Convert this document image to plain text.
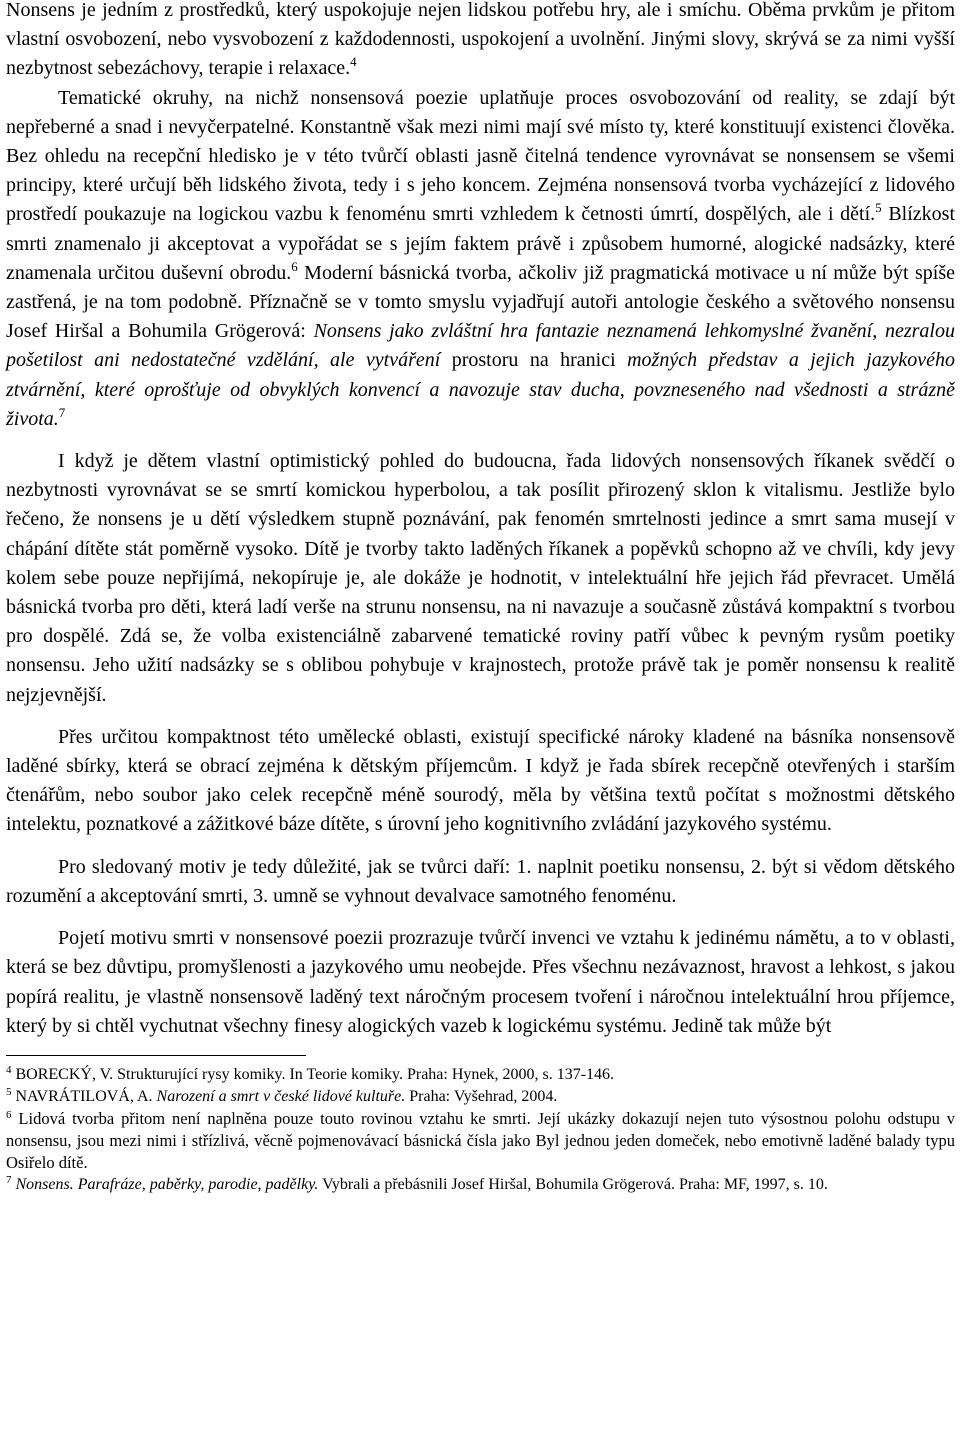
Nonsens je jedním z prostředků, který uspokojuje nejen lidskou potřebu hry, ale i smíchu. Oběma prvkům je přitom vlastní osvobození, nebo vysvobození z každodennosti, uspokojení a uvolnění. Jinými slovy, skrývá se za nimi vyšší nezbytnost sebezáchovy, terapie i relaxace.$^4$

Tematické okruhy, na nichž nonsensová poezie uplatňuje proces osvobozování od reality, se zdají být nepřeberné a snad i nevyčerpatelné. Konstantně však mezi nimi mají své místo ty, které konstituují existenci člověka. Bez ohledu na recepční hledisko je v této tvůrčí oblasti jasně čitelná tendence vyrovnávat se nonsensem se všemi principy, které určují běh lidského života, tedy i s jeho koncem. Zejména nonsensová tvorba vycházející z lidového prostředí poukazuje na logickou vazbu k fenoménu smrti vzhledem k četnosti úmrtí, dospělých, ale i dětí.$^5$ Blízkost smrti znamenalo ji akceptovat a vypořádat se s jejím faktem právě i způsobem humorné, alogické nadsázky, které znamenala určitou duševní obrodu.$^6$ Moderní básnická tvorba, ačkoliv již pragmatická motivace u ní může být spíše zastřená, je na tom podobně. Příznačně se v tomto smyslu vyjadřují autoři antologie českého a světového nonsensu Josef Hiršal a Bohumila Grögerová: Nonsens jako zvláštní hra fantazie neznamená lehkomyslné žvanění, nezralou pošetilost ani nedostatečné vzdělání, ale vytváření prostoru na hranici možných představ a jejich jazykového ztvárnění, které oprošťuje od obvyklých konvencí a navozuje stav ducha, povzneseného nad všednosti a strázně života.$^7$

I když je dětem vlastní optimistický pohled do budoucna, řada lidových nonsensových říkanek svědčí o nezbytnosti vyrovnávat se se smrtí komickou hyperbolou, a tak posílit přirozený sklon k vitalismu. Jestliže bylo řečeno, že nonsens je u dětí výsledkem stupně poznávání, pak fenomén smrtelnosti jedince a smrt sama musejí v chápání dítěte stát poměrně vysoko. Dítě je tvorby takto laděných říkanek a popěvků schopno až ve chvíli, kdy jevy kolem sebe pouze nepřijímá, nekopíruje je, ale dokáže je hodnotit, v intelektuální hře jejich řád převracet. Umělá básnická tvorba pro děti, která ladí verše na strunu nonsensu, na ni navazuje a současně zůstává kompaktní s tvorbou pro dospělé. Zdá se, že volba existenciálně zabarvené tematické roviny patří vůbec k pevným rysům poetiky nonsensu. Jeho užití nadsázky se s oblibou pohybuje v krajnostech, protože právě tak je poměr nonsensu k realitě nejzjevnější.

Přes určitou kompaktnost této umělecké oblasti, existují specifické nároky kladené na básníka nonsensově laděné sbírky, která se obrací zejména k dětským příjemcům. I když je řada sbírek recepčně otevřených i starším čtenářům, nebo soubor jako celek recepčně méně sourodý, měla by většina textů počítat s možnostmi dětského intelektu, poznatkové a zážitkové báze dítěte, s úrovní jeho kognitivního zvládání jazykového systému.

Pro sledovaný motiv je tedy důležité, jak se tvůrci daří: 1. naplnit poetiku nonsensu, 2. být si vědom dětského rozumění a akceptování smrti, 3. umně se vyhnout devalvace samotného fenoménu.

Pojetí motivu smrti v nonsensové poezii prozrazuje tvůrčí invenci ve vztahu k jedinému námětu, a to v oblasti, která se bez důvtipu, promyšlenosti a jazykového umu neobejde. Přes všechnu nezávaznost, hravost a lehkost, s jakou popírá realitu, je vlastně nonsensově laděný text náročným procesem tvoření i náročnou intelektuální hrou příjemce, který by si chtěl vychutnat všechny finesy alogických vazeb k logickému systému. Jedině tak může být

$^4$ BORECKÝ, V. Strukturující rysy komiky. In Teorie komiky. Praha: Hynek, 2000, s. 137-146.

$^5$ NAVRÁTILOVÁ, A. Narození a smrt v české lidové kultuře. Praha: Vyšehrad, 2004.

$^6$ Lidová tvorba přitom není naplněna pouze touto rovinou vztahu ke smrti. Její ukázky dokazují nejen tuto výsostnou polohu odstupu v nonsensu, jsou mezi nimi i střízlivá, věcně pojmenovávací básnická čísla jako Byl jednou jeden domeček, nebo emotivně laděné balady typu Osiřelo dítě.

$^7$ Nonsens. Parafráze, paběrky, parodie, padělky. Vybrali a přebásnili Josef Hiršal, Bohumila Grögerová. Praha: MF, 1997, s. 10.
